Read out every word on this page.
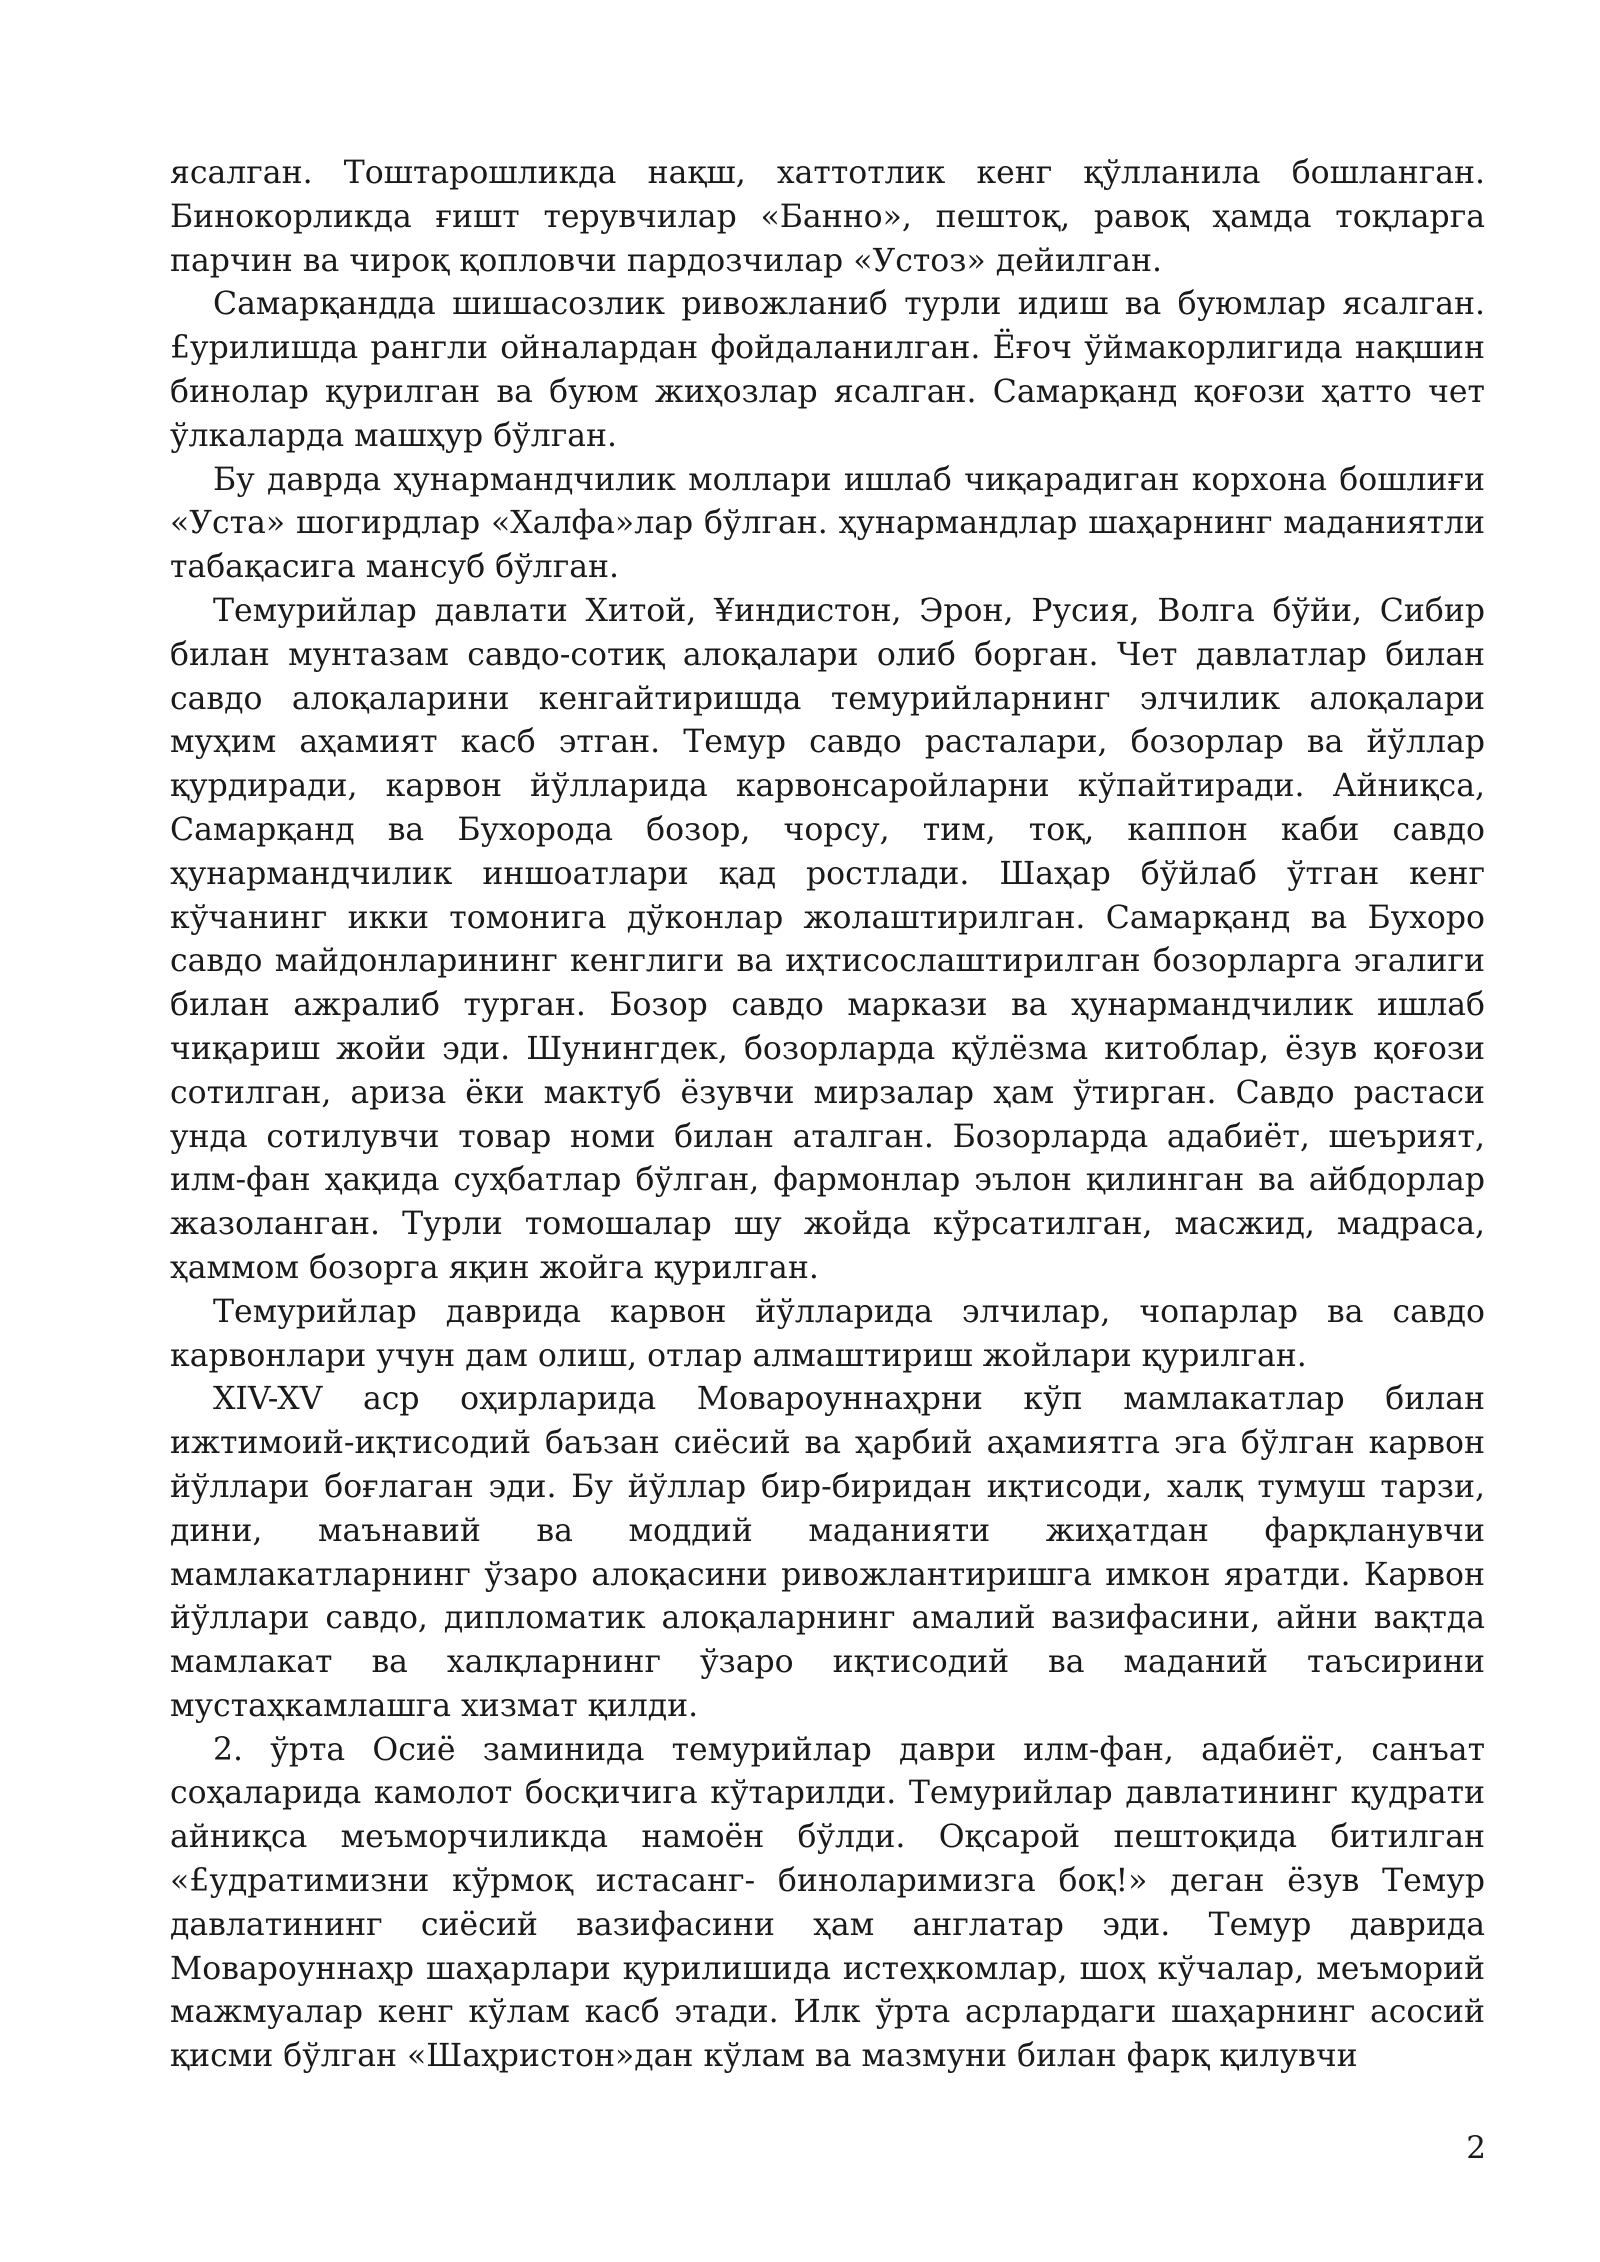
ясалган. Тоштарошликда нақш, хаттотлик кенг қўлланила бошланган. Бинокорликда ғишт терувчилар «Банно», пештоқ, равоқ ҳамда тоқларга парчин ва чироқ қопловчи пардозчилар «Устоз» дейилган.

Самарқандда шишасозлик ривожланиб турли идиш ва буюмлар ясалган. £урилишда рангли ойналардан фойдаланилган. Ёғоч ўймакорлигида нақшин бинолар қурилган ва буюм жиҳозлар ясалган. Самарқанд қоғози ҳатто чет ўлкаларда машҳур бўлган.

Бу даврда ҳунармандчилик моллари ишлаб чиқарадиган корхона бошлиғи «Уста» шогирдлар «Халфа»лар бўлган. ҳунармандлар шаҳарнинг маданиятли табақасига мансуб бўлган.

Темурийлар давлати Хитой, ¥индистон, Эрон, Русия, Волга бўйи, Сибир билан мунтазам савдо-сотиқ алоқалари олиб борган. Чет давлатлар билан савдо алоқаларини кенгайтиришда темурийларнинг элчилик алоқалари муҳим аҳамият касб этган. Темур савдо расталари, бозорлар ва йўллар қурдиради, карвон йўлларида карвонсаройларни кўпайтиради. Айниқса, Самарқанд ва Бухорода бозор, чорсу, тим, тоқ, каппон каби савдо ҳунармандчилик иншоатлари қад ростлади. Шаҳар бўйлаб ўтган кенг кўчанинг икки томонига дўконлар жолаштирилган. Самарқанд ва Бухоро савдо майдонларининг кенглиги ва иҳтисослаштирилган бозорларга эгалиги билан ажралиб турган. Бозор савдо маркази ва ҳунармандчилик ишлаб чиқариш жойи эди. Шунингдек, бозорларда қўлёзма китоблар, ёзув қоғози сотилган, ариза ёки мактуб ёзувчи мирзалар ҳам ўтирган. Савдо растаси унда сотилувчи товар номи билан аталган. Бозорларда адабиёт, шеърият, илм-фан ҳақида суҳбатлар бўлган, фармонлар эълон қилинган ва айбдорлар жазоланган. Турли томошалар шу жойда кўрсатилган, масжид, мадраса, ҳаммом бозорга яқин жойга қурилган.

Темурийлар даврида карвон йўлларида элчилар, чопарлар ва савдо карвонлари учун дам олиш, отлар алмаштириш жойлари қурилган.

XIV-XV аср оҳирларида Мовароуннаҳрни кўп мамлакатлар билан ижтимоий-иқтисодий баъзан сиёсий ва ҳарбий аҳамиятга эга бўлган карвон йўллари боғлаган эди. Бу йўллар бир-биридан иқтисоди, халқ тумуш тарзи, дини, маънавий ва моддий маданияти жиҳатдан фарқланувчи мамлакатларнинг ўзаро алоқасини ривожлантиришга имкон яратди. Карвон йўллари савдо, дипломатик алоқаларнинг амалий вазифасини, айни вақтда мамлакат ва халқларнинг ўзаро иқтисодий ва маданий таъсирини мустаҳкамлашга хизмат қилди.

2. ўрта Осиё заминида темурийлар даври илм-фан, адабиёт, санъат соҳаларида камолот босқичига кўтарилди. Темурийлар давлатининг қудрати айниқса меъморчиликда намоён бўлди. Оқсарой пештоқида битилган «£удратимизни кўрмоқ истасанг- биноларимизга боқ!» деган ёзув Темур давлатининг сиёсий вазифасини ҳам англатар эди. Темур даврида Мовароуннаҳр шаҳарлари қурилишида истеҳкомлар, шоҳ кўчалар, меъморий мажмуалар кенг кўлам касб этади. Илк ўрта асрлардаги шаҳарнинг асосий қисми бўлган «Шаҳристон»дан кўлам ва мазмуни билан фарқ қилувчи

2
